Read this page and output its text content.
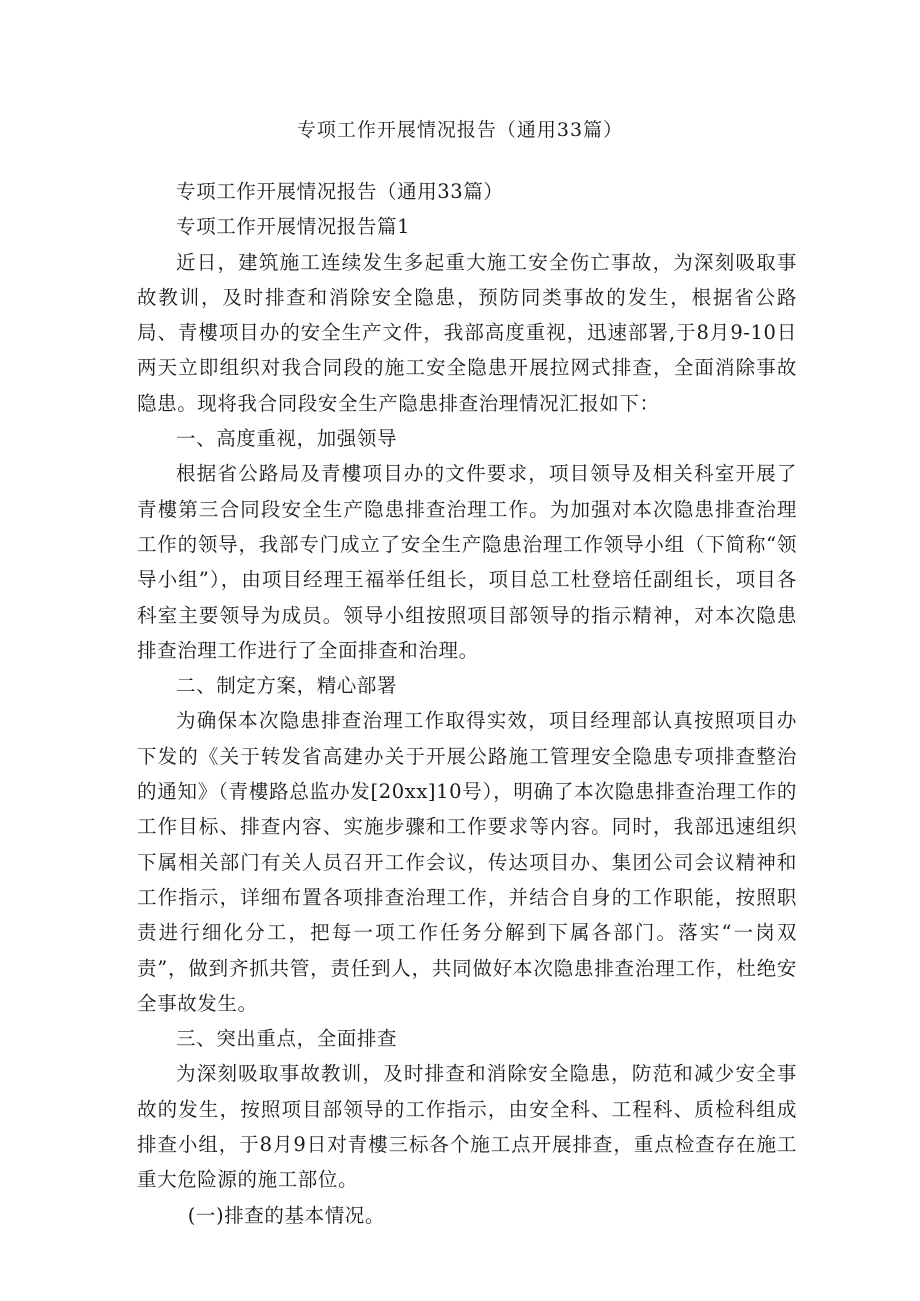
专项工作开展情况报告（通用33篇）

专项工作开展情况报告（通用33篇）

专项工作开展情况报告篇1

近日，建筑施工连续发生多起重大施工安全伤亡事故，为深刻吸取事故教训，及时排查和消除安全隐患，预防同类事故的发生，根据省公路局、青樓项目办的安全生产文件，我部高度重视，迅速部署,于8月9-10日两天立即组织对我合同段的施工安全隐患开展拉网式排查，全面消除事故隐患。现将我合同段安全生产隐患排查治理情况汇报如下：

一、高度重视，加强领导

根据省公路局及青樓项目办的文件要求，项目领导及相关科室开展了青樓第三合同段安全生产隐患排查治理工作。为加强对本次隐患排查治理工作的领导，我部专门成立了安全生产隐患治理工作领导小组（下简称“领导小组”），由项目经理王福举任组长，项目总工杜登培任副组长，项目各科室主要领导为成员。领导小组按照项目部领导的指示精神，对本次隐患排查治理工作进行了全面排查和治理。

二、制定方案，精心部署

为确保本次隐患排查治理工作取得实效，项目经理部认真按照项目办下发的《关于转发省高建办关于开展公路施工管理安全隐患专项排查整治的通知》（青樓路总监办发[20xx]10号），明确了本次隐患排查治理工作的工作目标、排查内容、实施步骤和工作要求等内容。同时，我部迅速组织下属相关部门有关人员召开工作会议，传达项目办、集团公司会议精神和工作指示，详细布置各项排查治理工作，并结合自身的工作职能，按照职责进行细化分工，把每一项工作任务分解到下属各部门。落实“一岗双责”，做到齐抓共管，责任到人，共同做好本次隐患排查治理工作，杜绝安全事故发生。

三、突出重点，全面排查

为深刻吸取事故教训，及时排查和消除安全隐患，防范和减少安全事故的发生，按照项目部领导的工作指示，由安全科、工程科、质检科组成排查小组，于8月9日对青樓三标各个施工点开展排查，重点检查存在施工重大危险源的施工部位。

(一)排查的基本情况。
